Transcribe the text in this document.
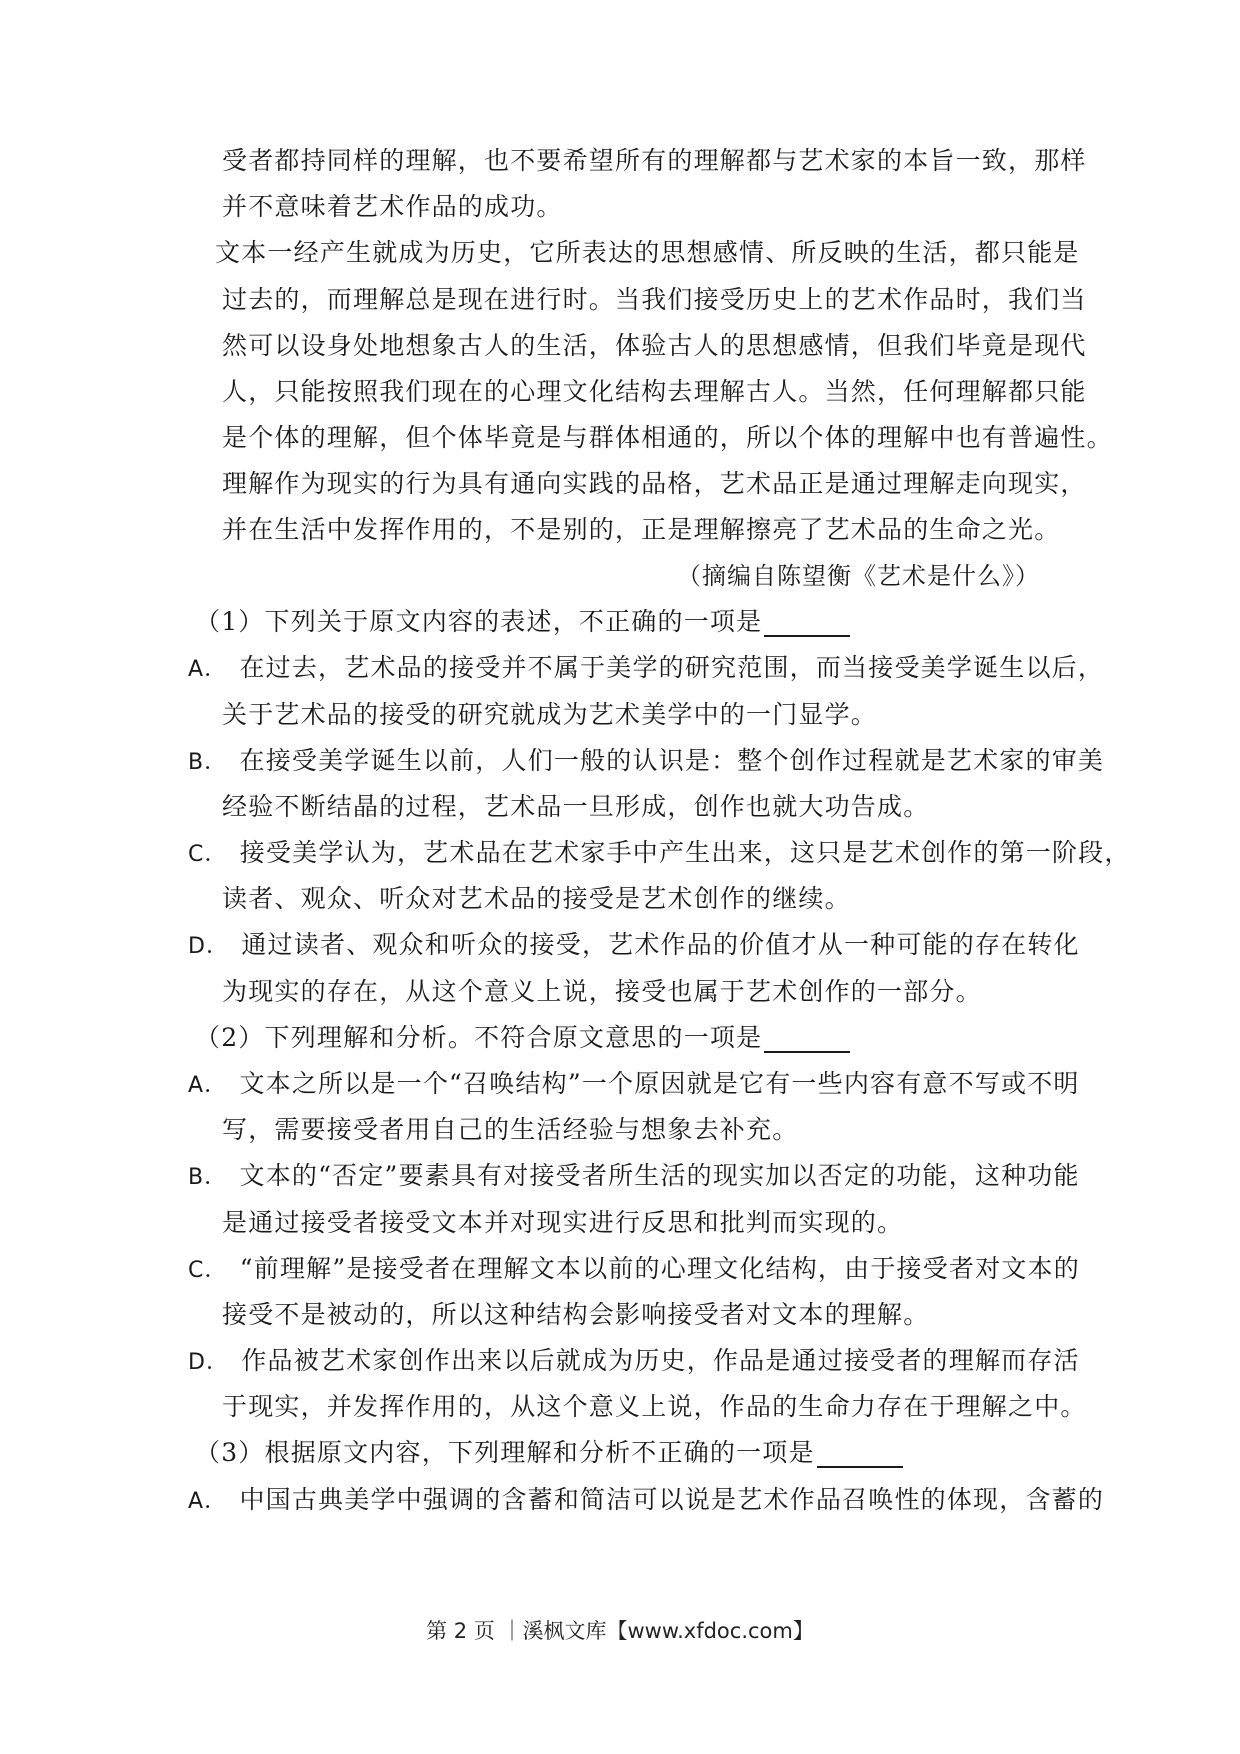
受者都持同样的理解，也不要希望所有的理解都与艺术家的本旨一致，那样
并不意味着艺术作品的成功。
文本一经产生就成为历史，它所表达的思想感情、所反映的生活，都只能是
过去的，而理解总是现在进行时。当我们接受历史上的艺术作品时，我们当
然可以设身处地想象古人的生活，体验古人的思想感情，但我们毕竟是现代
人，只能按照我们现在的心理文化结构去理解古人。当然，任何理解都只能
是个体的理解，但个体毕竟是与群体相通的，所以个体的理解中也有普遍性。
理解作为现实的行为具有通向实践的品格，艺术品正是通过理解走向现实，
并在生活中发挥作用的，不是别的，正是理解擦亮了艺术品的生命之光。
（摘编自陈望衡《艺术是什么》）
（1）下列关于原文内容的表述，不正确的一项是
A． 在过去，艺术品的接受并不属于美学的研究范围，而当接受美学诞生以后，
关于艺术品的接受的研究就成为艺术美学中的一门显学。
B． 在接受美学诞生以前，人们一般的认识是：整个创作过程就是艺术家的审美
经验不断结晶的过程，艺术品一旦形成，创作也就大功告成。
C． 接受美学认为，艺术品在艺术家手中产生出来，这只是艺术创作的第一阶段，
读者、观众、听众对艺术品的接受是艺术创作的继续。
D． 通过读者、观众和听众的接受，艺术作品的价值才从一种可能的存在转化
为现实的存在，从这个意义上说，接受也属于艺术创作的一部分。
（2）下列理解和分析。不符合原文意思的一项是
A． 文本之所以是一个“召唤结构”一个原因就是它有一些内容有意不写或不明
写，需要接受者用自己的生活经验与想象去补充。
B． 文本的“否定”要素具有对接受者所生活的现实加以否定的功能，这种功能
是通过接受者接受文本并对现实进行反思和批判而实现的。
C． “前理解”是接受者在理解文本以前的心理文化结构，由于接受者对文本的
接受不是被动的，所以这种结构会影响接受者对文本的理解。
D． 作品被艺术家创作出来以后就成为历史，作品是通过接受者的理解而存活
于现实，并发挥作用的，从这个意义上说，作品的生命力存在于理解之中。
（3）根据原文内容，下列理解和分析不正确的一项是
A． 中国古典美学中强调的含蓄和简洁可以说是艺术作品召唤性的体现，含蓄的
第 2 页 ｜溪枫文库【www.xfdoc.com】
